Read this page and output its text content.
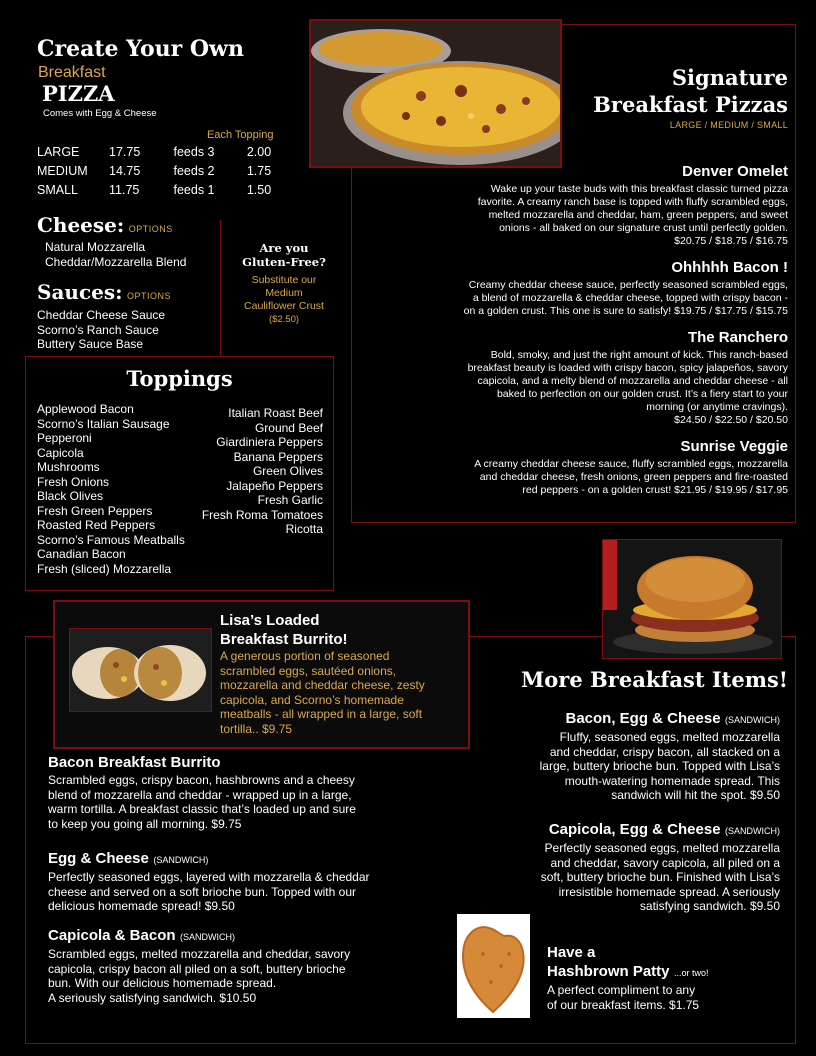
Create Your Own
Breakfast
PIZZA
Comes with Egg & Cheese
Each Topping
LARGE	17.75	feeds 3	2.00
MEDIUM	14.75	feeds 2	1.75
SMALL	11.75	feeds 1	1.50
Cheese: OPTIONS
Natural Mozzarella
Cheddar/Mozzarella Blend
Sauces: OPTIONS
Cheddar Cheese Sauce
Scorno’s Ranch Sauce
Buttery Sauce Base
Are you
Gluten-Free?
Substitute our
Medium
Cauliflower Crust
($2.50)
Toppings
Applewood Bacon
Scorno’s Italian Sausage
Pepperoni
Capicola
Mushrooms
Fresh Onions
Black Olives
Fresh Green Peppers
Roasted Red Peppers
Scorno’s Famous Meatballs
Canadian Bacon
Fresh (sliced) Mozzarella
Italian Roast Beef
Ground Beef
Giardiniera Peppers
Banana Peppers
Green Olives
Jalapeño Peppers
Fresh Garlic
Fresh Roma Tomatoes
Ricotta
Signature
Breakfast Pizzas
LARGE / MEDIUM / SMALL
Denver Omelet
Wake up your taste buds with this breakfast classic turned pizza
favorite. A creamy ranch base is topped with fluffy scrambled eggs,
melted mozzarella and cheddar, ham, green peppers, and sweet
onions - all baked on our signature crust until perfectly golden.
$20.75 / $18.75 / $16.75
Ohhhhh Bacon !
Creamy cheddar cheese sauce, perfectly seasoned scrambled eggs,
a blend of mozzarella & cheddar cheese, topped with crispy bacon -
on a golden crust. This one is sure to satisfy! $19.75 / $17.75 / $15.75
The Ranchero
Bold, smoky, and just the right amount of kick. This ranch-based
breakfast beauty is loaded with crispy bacon, spicy jalapeños, savory
capicola, and a melty blend of mozzarella and cheddar cheese - all
baked to perfection on our golden crust. It’s a fiery start to your
morning (or anytime cravings).
$24.50 / $22.50 / $20.50
Sunrise Veggie
A creamy cheddar cheese sauce, fluffy scrambled eggs, mozzarella
and cheddar cheese, fresh onions, green peppers and fire-roasted
red peppers - on a golden crust! $21.95 / $19.95 / $17.95
Lisa’s Loaded
Breakfast Burrito!
A generous portion of seasoned
scrambled eggs, sautéed onions,
mozzarella and cheddar cheese, zesty
capicola, and Scorno’s homemade
meatballs - all wrapped in a large, soft
tortilla.. $9.75
Bacon Breakfast Burrito
Scrambled eggs, crispy bacon, hashbrowns and a cheesy
blend of mozzarella and cheddar - wrapped up in a large,
warm tortilla. A breakfast classic that’s loaded up and sure
to keep you going all morning. $9.75
Egg & Cheese (SANDWICH)
Perfectly seasoned eggs, layered with mozzarella & cheddar
cheese and served on a soft brioche bun. Topped with our
delicious homemade spread! $9.50
Capicola & Bacon (SANDWICH)
Scrambled eggs, melted mozzarella and cheddar, savory
capicola, crispy bacon all piled on a soft, buttery brioche
bun. With our delicious homemade spread.
A seriously satisfying sandwich. $10.50
More Breakfast Items!
Bacon, Egg & Cheese (SANDWICH)
Fluffy, seasoned eggs, melted mozzarella
and cheddar, crispy bacon, all stacked on a
large, buttery brioche bun. Topped with Lisa’s
mouth-watering homemade spread. This
sandwich will hit the spot. $9.50
Capicola, Egg & Cheese (SANDWICH)
Perfectly seasoned eggs, melted mozzarella
and cheddar, savory capicola, all piled on a
soft, buttery brioche bun. Finished with Lisa’s
irresistible homemade spread. A seriously
satisfying sandwich. $9.50
Have a
Hashbrown Patty ...or two!
A perfect compliment to any
of our breakfast items. $1.75
